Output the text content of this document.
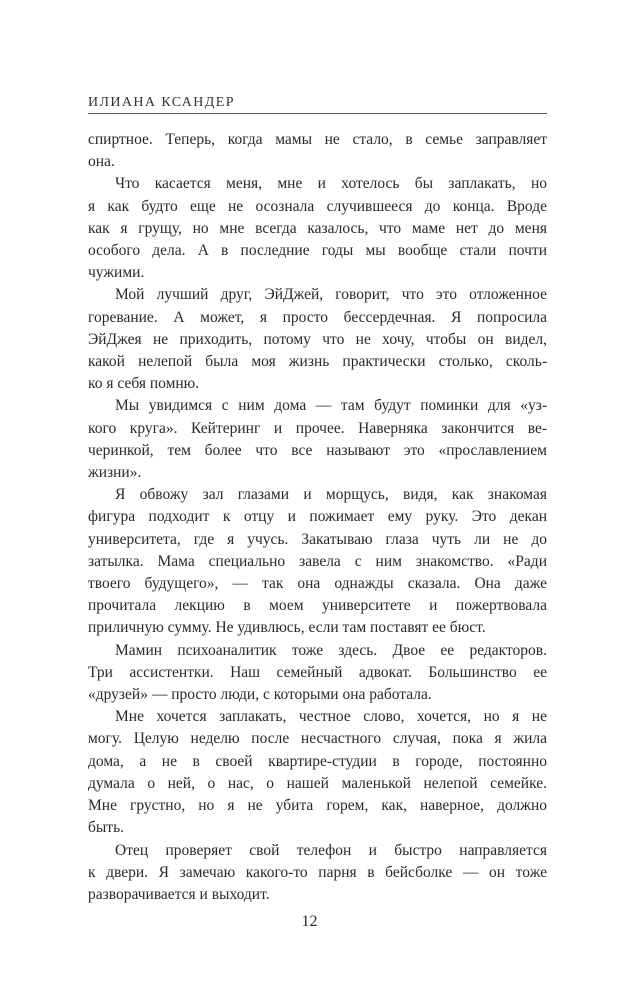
ИЛИАНА КСАНДЕР
спиртное. Теперь, когда мамы не стало, в семье заправляет
она.
Что касается меня, мне и хотелось бы заплакать, но
я как будто еще не осознала случившееся до конца. Вроде
как я грущу, но мне всегда казалось, что маме нет до меня
особого дела. А в последние годы мы вообще стали почти
чужими.
Мой лучший друг, ЭйДжей, говорит, что это отложенное
горевание. А может, я просто бессердечная. Я попросила
ЭйДжея не приходить, потому что не хочу, чтобы он видел,
какой нелепой была моя жизнь практически столько, сколь-
ко я себя помню.
Мы увидимся с ним дома — там будут поминки для «уз-
кого круга». Кейтеринг и прочее. Наверняка закончится ве-
черинкой, тем более что все называют это «прославлением
жизни».
Я обвожу зал глазами и морщусь, видя, как знакомая
фигура подходит к отцу и пожимает ему руку. Это декан
университета, где я учусь. Закатываю глаза чуть ли не до
затылка. Мама специально завела с ним знакомство. «Ради
твоего будущего», — так она однажды сказала. Она даже
прочитала лекцию в моем университете и пожертвовала
приличную сумму. Не удивлюсь, если там поставят ее бюст.
Мамин психоаналитик тоже здесь. Двое ее редакторов.
Три ассистентки. Наш семейный адвокат. Большинство ее
«друзей» — просто люди, с которыми она работала.
Мне хочется заплакать, честное слово, хочется, но я не
могу. Целую неделю после несчастного случая, пока я жила
дома, а не в своей квартире-студии в городе, постоянно
думала о ней, о нас, о нашей маленькой нелепой семейке.
Мне грустно, но я не убита горем, как, наверное, должно
быть.
Отец проверяет свой телефон и быстро направляется
к двери. Я замечаю какого-то парня в бейсболке — он тоже
разворачивается и выходит.
12
